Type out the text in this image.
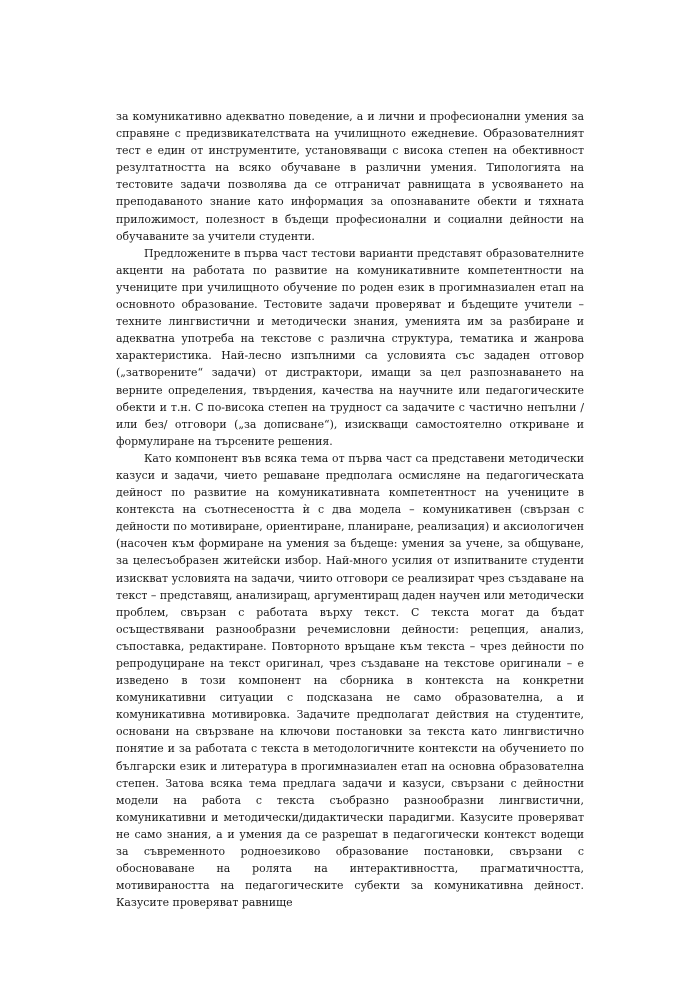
за комуникативно адекватно поведение, а и лични и професионални умения за справяне с предизвикателствата на училищното ежедневие. Образователният тест е един от инструментите, установяващи с висока степен на обективност резултатността на всяко обучаване в различни умения. Типологията на тестовите задачи позволява да се отграничат равнищата в усвояването на преподаваното знание като информация за опознаваните обекти и тяхната приложимост, полезност в бъдещи професионални и социални дейности на обучаваните за учители студенти.

Предложените в първа част тестови варианти представят образователните акценти на работата по развитие на комуникативните компетентности на учениците при училищното обучение по роден език в прогимназиален етап на основното образование. Тестовите задачи проверяват и бъдещите учители – техните лингвистични и методически знания, уменията им за разбиране и адекватна употреба на текстове с различна структура, тематика и жанрова характеристика. Най-лесно изпълними са условията със зададен отговор („затворените“ задачи) от дистрактори, имащи за цел разпознаването на верните определения, твърдения, качества на научните или педагогическите обекти и т.н. С по-висока степен на трудност са задачите с частично непълни /или без/ отговори („за дописване“), изискващи самостоятелно откриване и формулиране на търсените решения.

Като компонент във всяка тема от първа част са представени методически казуси и задачи, чието решаване предполага осмисляне на педагогическата дейност по развитие на комуникативната компетентност на учениците в контекста на съотнесеността ѝ с два модела – комуникативен (свързан с дейности по мотивиране, ориентиране, планиране, реализация) и аксиологичен (насочен към формиране на умения за бъдеще: умения за учене, за общуване, за целесъобразен житейски избор. Най-много усилия от изпитваните студенти изискват условията на задачи, чиито отговори се реализират чрез създаване на текст – представящ, анализиращ, аргументиращ даден научен или методически проблем, свързан с работата върху текст. С текста могат да бъдат осъществявани разнообразни речемисловни дейности: рецепция, анализ, съпоставка, редактиране. Повторното връщане към текста – чрез дейности по репродуциране на текст оригинал, чрез създаване на текстове оригинали – е изведено в този компонент на сборника в контекста на конкретни комуникативни ситуации с подсказана не само образователна, а и комуникативна мотивировка. Задачите предполагат действия на студентите, основани на свързване на ключови постановки за текста като лингвистично понятие и за работата с текста в методологичните контексти на обучението по български език и литература в прогимназиален етап на основна образователна степен. Затова всяка тема предлага задачи и казуси, свързани с дейностни модели на работа с текста съобразно разнообразни лингвистични, комуникативни и методически/дидактически парадигми. Казусите проверяват не само знания, а и умения да се разрешат в педагогически контекст водещи за съвременното родноезиково образование постановки, свързани с обосноваване на ролята на интерактивността, прагматичността, мотивираността на педагогическите субекти за комуникативна дейност. Казусите проверяват равнище
